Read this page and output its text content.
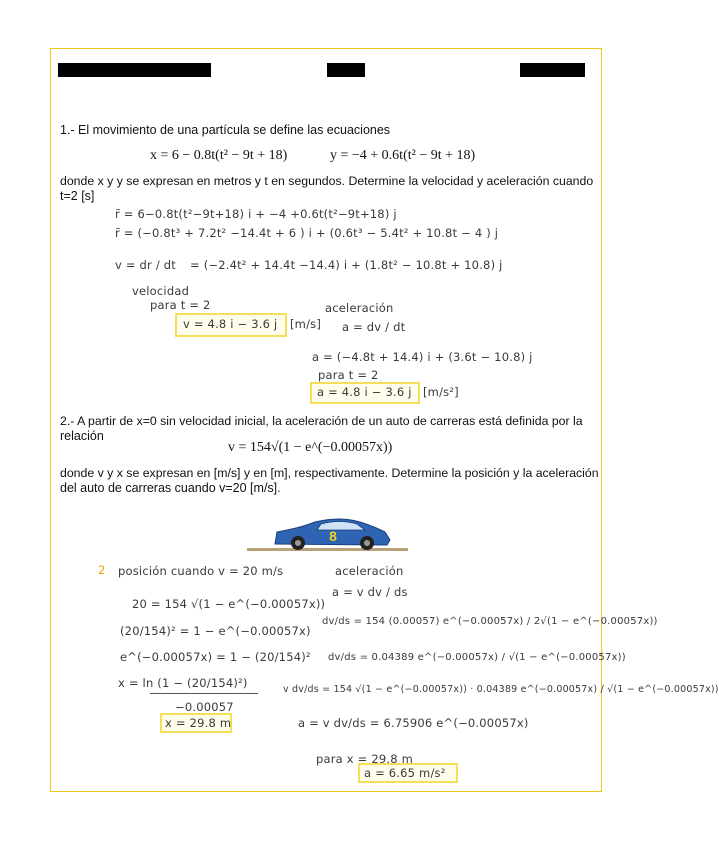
1.- El movimiento de una partícula se define las ecuaciones
x = 6 − 0.8t(t² − 9t + 18)	y = −4 + 0.6t(t² − 9t + 18)
donde x y y se expresan en metros y t en segundos. Determine la velocidad y aceleración cuando
t=2 [s]
r̄ = 6−0.8t(t²−9t+18) i + −4 +0.6t(t²−9t+18) j
r̄ = (−0.8t³ + 7.2t² −14.4t + 6 ) i + (0.6t³ − 5.4t² + 10.8t − 4 ) j
v = dr / dt = (−2.4t² + 14.4t −14.4) i + (1.8t² − 10.8t + 10.8) j
velocidad
para t = 2
v = 4.8 i − 3.6 j [m/s]
aceleración
a = dv / dt
a = (−4.8t + 14.4) i + (3.6t − 10.8) j
para t = 2
a = 4.8 i − 3.6 j [m/s²]
2.- A partir de x=0 sin velocidad inicial, la aceleración de un auto de carreras está definida por la
relación
v = 154√(1 − e^(−0.00057x))
donde v y x se expresan en [m/s] y en [m], respectivamente. Determine la posición y la aceleración
del auto de carreras cuando v=20 [m/s].
8
2 posición cuando v = 20 m/s
20 = 154 √(1 − e^(−0.00057x))
(20/154)² = 1 − e^(−0.00057x)
e^(−0.00057x) = 1 − (20/154)²
x = ln (1 − (20/154)²)
−0.00057
x = 29.8 m
aceleración
a = v dv / ds
dv/ds = 154 (0.00057) e^(−0.00057x) / 2√(1 − e^(−0.00057x))
dv/ds = 0.04389 e^(−0.00057x) / √(1 − e^(−0.00057x))
v dv/ds = 154 √(1 − e^(−0.00057x)) · 0.04389 e^(−0.00057x) / √(1 − e^(−0.00057x))
a = v dv/ds = 6.75906 e^(−0.00057x)
para x = 29.8 m
a = 6.65 m/s²
